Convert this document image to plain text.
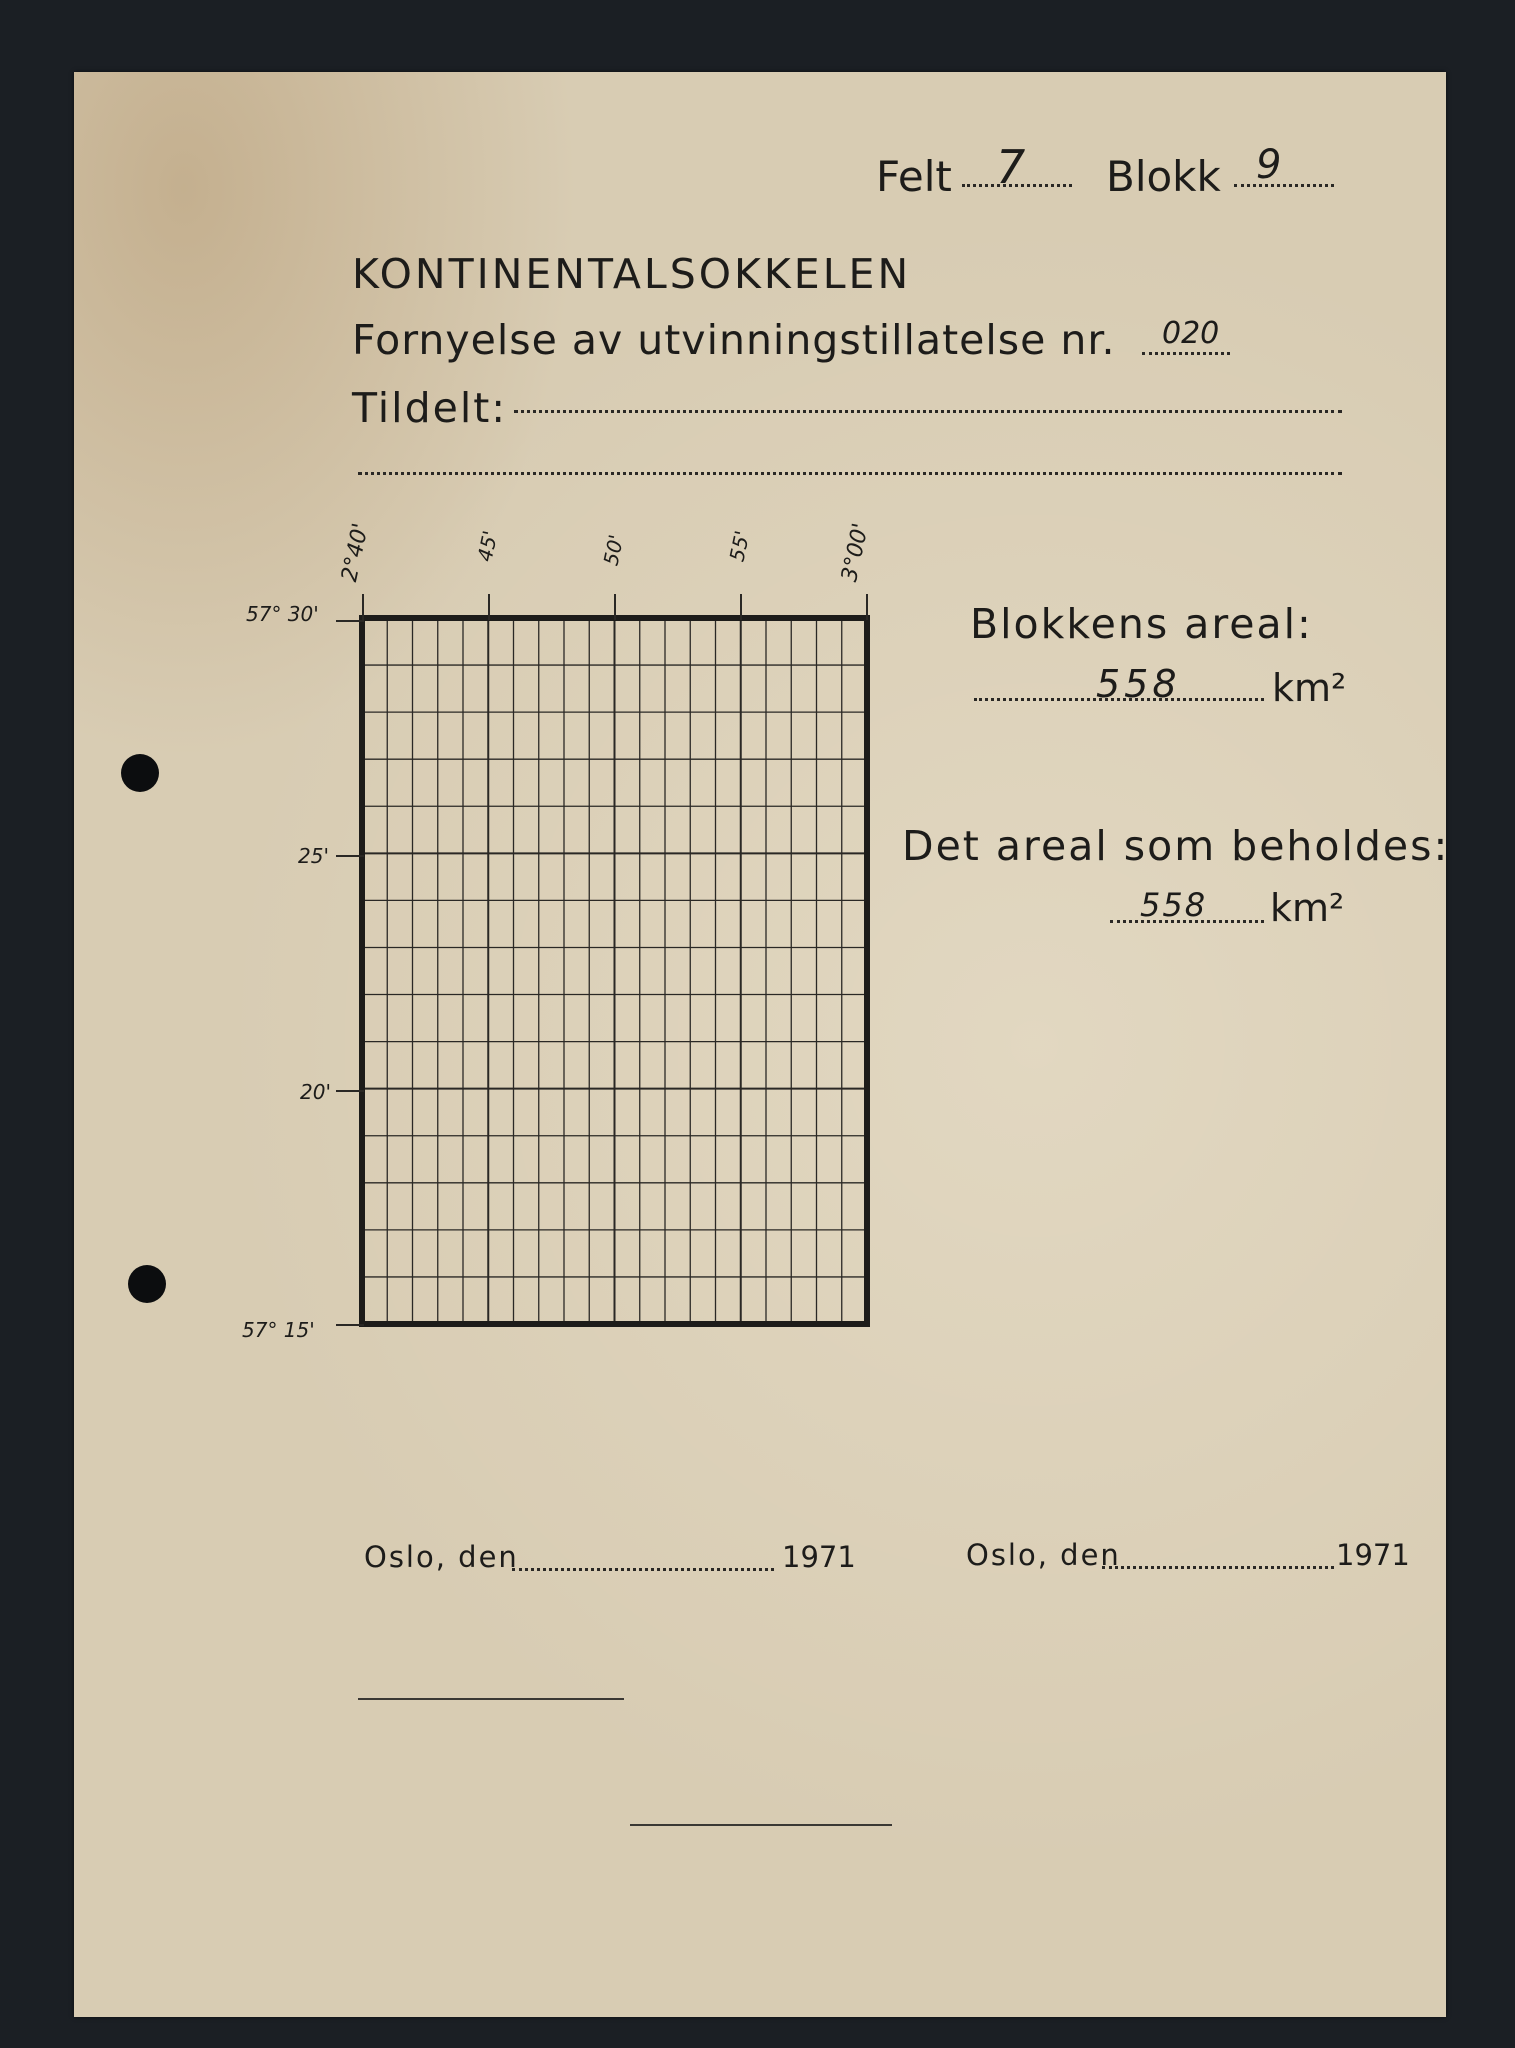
Felt 7 Blokk 9
KONTINENTALSOKKELEN
Fornyelse av utvinningstillatelse nr. 020
Tildelt:
2°40'	45'	50'	55'	3°00'
57° 30'
25'
20'
57° 15'
Blokkens areal:
558 km²
Det areal som beholdes:
558 km²
Oslo, den	1971	Oslo, den	1971
